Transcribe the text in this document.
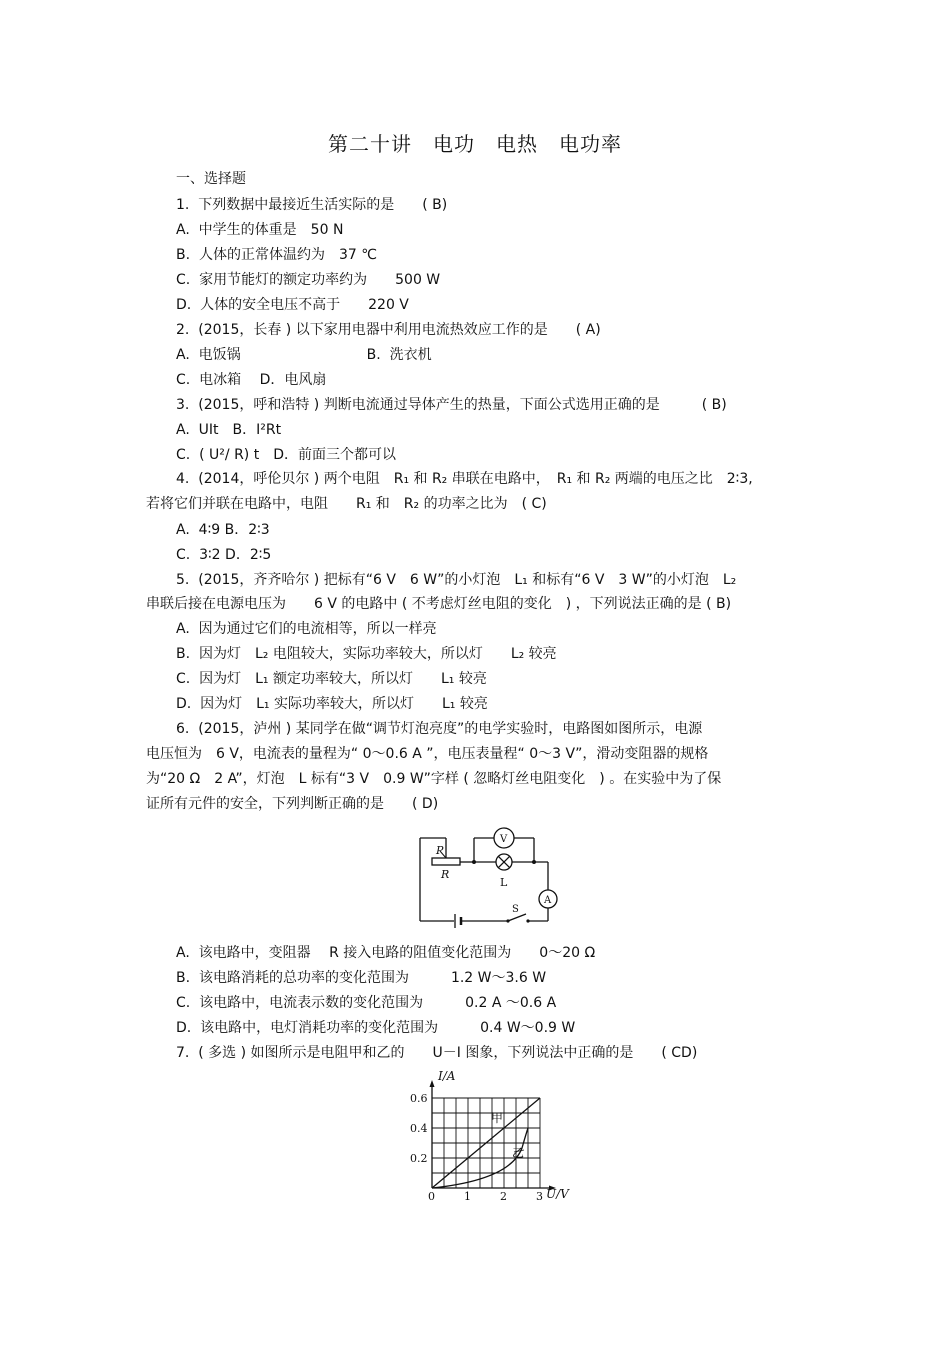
第二十讲　电功　电热　电功率
一、选择题
1.  下列数据中最接近生活实际的是　　( B)
A.  中学生的体重是　50 N
B.  人体的正常体温约为　37 ℃
C.  家用节能灯的额定功率约为　　500 W
D.  人体的安全电压不高于　　220 V
2.  (2015，长春 ) 以下家用电器中利用电流热效应工作的是　　( A)
A.  电饭锅　　　　　　　　　B.  洗衣机
C.  电冰箱　 D．电风扇
3.  (2015，呼和浩特 ) 判断电流通过导体产生的热量，下面公式选用正确的是　　　( B)
A.  UIt　B．I²Rt
C.  ( U²/ R) t　D．前面三个都可以
4.  (2014，呼伦贝尔 ) 两个电阻　R₁ 和 R₂ 串联在电路中，　R₁ 和 R₂ 两端的电压之比　2∶3,
若将它们并联在电路中，电阻　　R₁ 和　R₂ 的功率之比为　( C)
A.  4∶9 B．2∶3
C.  3∶2 D．2∶5
5.  (2015，齐齐哈尔 ) 把标有“6 V　6 W”的小灯泡　L₁ 和标有“6 V　3 W”的小灯泡　L₂
串联后接在电源电压为　　6 V 的电路中 ( 不考虑灯丝电阻的变化　) ，下列说法正确的是 ( B)
A.  因为通过它们的电流相等，所以一样亮
B.  因为灯　L₂ 电阻较大，实际功率较大，所以灯　　L₂ 较亮
C.  因为灯　L₁ 额定功率较大，所以灯　　L₁ 较亮
D.  因为灯　L₁ 实际功率较大，所以灯　　L₁ 较亮
6.  (2015，泸州 ) 某同学在做“调节灯泡亮度”的电学实验时，电路图如图所示，电源
电压恒为　6 V，电流表的量程为“ 0～0.6 A ”，电压表量程“ 0～3 V”，滑动变阻器的规格
为“20 Ω　2 A”，灯泡　L 标有“3 V　0.9 W”字样 ( 忽略灯丝电阻变化　) 。在实验中为了保
证所有元件的安全，下列判断正确的是　　( D)
P
R
V
L
A
S
A.  该电路中，变阻器　 R 接入电路的阻值变化范围为　　0～20 Ω
B.  该电路消耗的总功率的变化范围为　　　1.2 W～3.6 W
C.  该电路中，电流表示数的变化范围为　　　0.2 A ～0.6 A
D.  该电路中，电灯消耗功率的变化范围为　　　0.4 W～0.9 W
7.  ( 多选 ) 如图所示是电阻甲和乙的　　U－I 图象，下列说法中正确的是　　( CD)
I/A
U/V
0.6
0.4
0.2
0	1	2	3
甲
乙
